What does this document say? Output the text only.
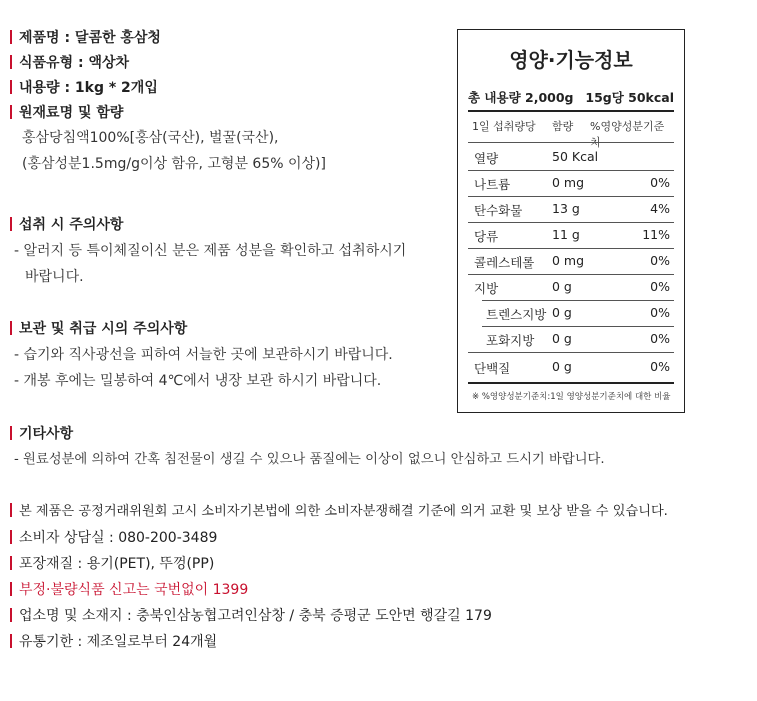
제품명 : 달콤한 홍삼청
식품유형 : 액상차
내용량 : 1kg * 2개입
원재료명 및 함량
홍삼당침액100%[홍삼(국산), 벌꿀(국산),
(홍삼성분1.5mg/g이상 함유, 고형분 65% 이상)]
섭취 시 주의사항
- 알러지 등 특이체질이신 분은 제품 성분을 확인하고 섭취하시기
바랍니다.
보관 및 취급 시의 주의사항
- 습기와 직사광선을 피하여 서늘한 곳에 보관하시기 바랍니다.
- 개봉 후에는 밀봉하여 4℃에서 냉장 보관 하시기 바랍니다.
기타사항
- 원료성분에 의하여 간혹 침전물이 생길 수 있으나 품질에는 이상이 없으니 안심하고 드시기 바랍니다.
본 제품은 공정거래위원회 고시 소비자기본법에 의한 소비자분쟁해결 기준에 의거 교환 및 보상 받을 수 있습니다.
소비자 상담실 : 080-200-3489
포장재질 : 용기(PET), 뚜껑(PP)
부정·불량식품 신고는 국번없이 1399
업소명 및 소재지 : 충북인삼농협고려인삼창 / 충북 증평군 도안면 행갈길 179
유통기한 : 제조일로부터 24개월
영양·기능정보
총 내용량 2,000g 15g당 50kcal
1일 섭취량당 함량 %영양성분기준치
열량	50 Kcal
나트륨	0 mg	0%
탄수화물 13 g	4%
당류	11 g	11%
콜레스테롤 0 mg	0%
지방	0 g	0%
트렌스지방 0 g	0%
포화지방 0 g	0%
단백질	0 g	0%
※ %영양성분기준치:1일 영양성분기준치에 대한 비율
